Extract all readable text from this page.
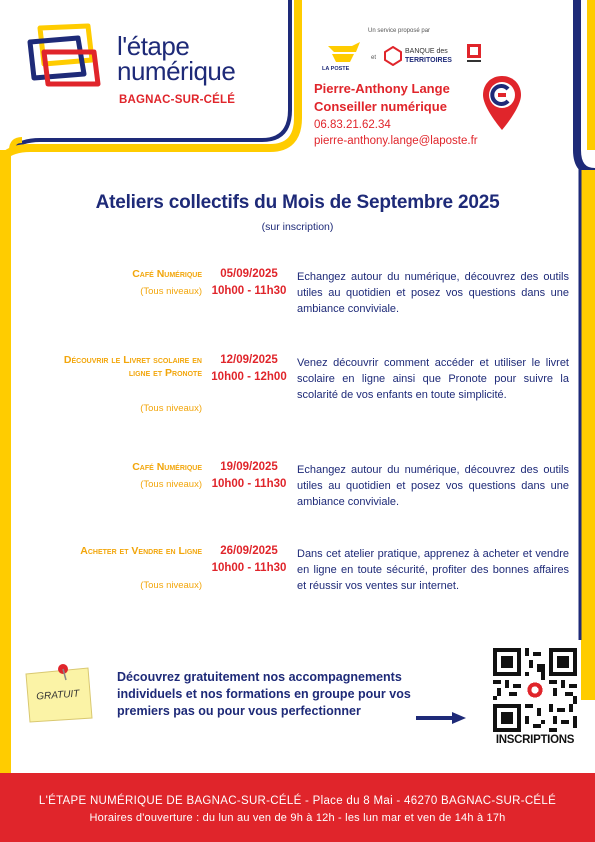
l'étape
numérique
BAGNAC-SUR-CÉLÉ
Un service proposé par
LA POSTE
et
BANQUE des
TERRITOIRES
Pierre-Anthony Lange
Conseiller numérique
06.83.21.62.34
pierre-anthony.lange@laposte.fr
Ateliers collectifs du Mois de Septembre 2025
(sur inscription)
Café Numérique
(Tous niveaux)
05/09/2025
10h00 - 11h30
Echangez autour du numérique, découvrez des outils utiles au quotidien et posez vos questions dans une ambiance conviviale.
Découvrir le Livret scolaire en ligne et Pronote
(Tous niveaux)
12/09/2025
10h00 - 12h00
Venez découvrir comment accéder et utiliser le livret scolaire en ligne ainsi que Pronote pour suivre la scolarité de vos enfants en toute simplicité.
Café Numérique
(Tous niveaux)
19/09/2025
10h00 - 11h30
Echangez autour du numérique, découvrez des outils utiles au quotidien et posez vos questions dans une ambiance conviviale.
Acheter et Vendre en Ligne
(Tous niveaux)
26/09/2025
10h00 - 11h30
Dans cet atelier pratique, apprenez à acheter et vendre en ligne en toute sécurité, profiter des bonnes affaires et réussir vos ventes sur internet.
GRATUIT
Découvrez gratuitement nos accompagnements individuels et nos formations en groupe pour vos premiers pas ou pour vous perfectionner
INSCRIPTIONS
L'ÉTAPE NUMÉRIQUE DE BAGNAC-SUR-CÉLÉ - Place du 8 Mai - 46270 BAGNAC-SUR-CÉLÉ
Horaires d'ouverture : du lun au ven de 9h à 12h - les lun mar et ven de 14h à 17h
